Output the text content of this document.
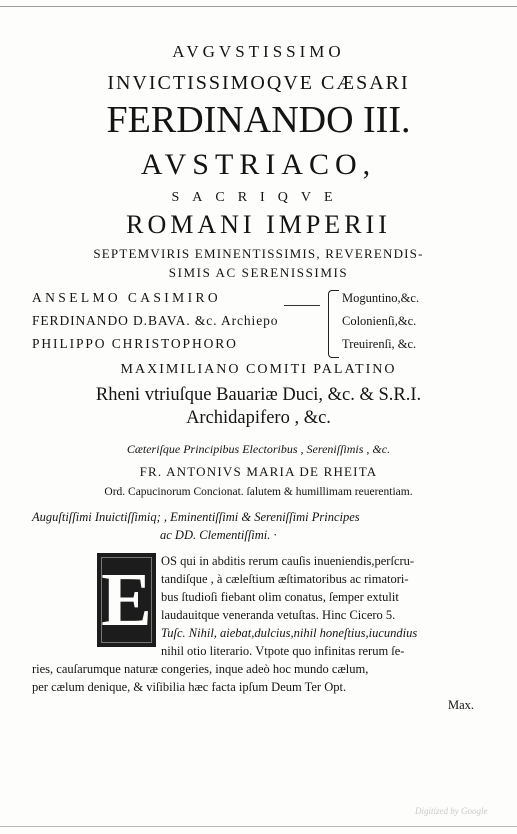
AVGVSTISSIMO
INVICTISSIMOQVE CÆSARI
FERDINANDO III.
AVSTRIACO,
SACRIQVE
ROMANI IMPERII
SEPTEMVIRIS EMINENTISSIMIS, REVERENDIS-
SIMIS AC SERENISSIMIS
ANSELMO CASIMIRO	Moguntino,&c.
FERDINANDO D.BAVA. &c. Archiepo	Colonienſi,&c.
PHILIPPO CHRISTOPHORO	Treuirenſi, &c.
MAXIMILIANO COMITI PALATINO
Rheni vtriuſque Bauariæ Duci, &c. & S.R.I.
Archidapifero , &c.
Cæteriſque Principibus Electoribus , Sereniſſimis , &c.
FR. ANTONIVS MARIA DE RHEITA
Ord. Capucinorum Concionat. ſalutem & humillimam reuerentiam.
Auguſtiſſimi Inuictiſſimiq; , Eminentiſſimi & Sereniſſimi Principes
ac DD. Clementiſſimi. ·
E OS qui in abditis rerum cauſis inueniendis,perſcru-
tandiſque , à cæleſtium æſtimatoribus ac rimatori-
bus ſtudioſi fiebant olim conatus, ſemper extulit
laudauitque veneranda vetuſtas. Hinc Cicero 5.
Tuſc. Nihil, aiebat,dulcius,nihil honeſtius,iucundius
nihil otio literario. Vtpote quo infinitas rerum ſe-
ries, cauſarumque naturæ congeries, inque adeò hoc mundo cælum,
per cælum denique, & viſibilia hæc facta ipſum Deum Ter Opt.
Max.
Digitized by Google
